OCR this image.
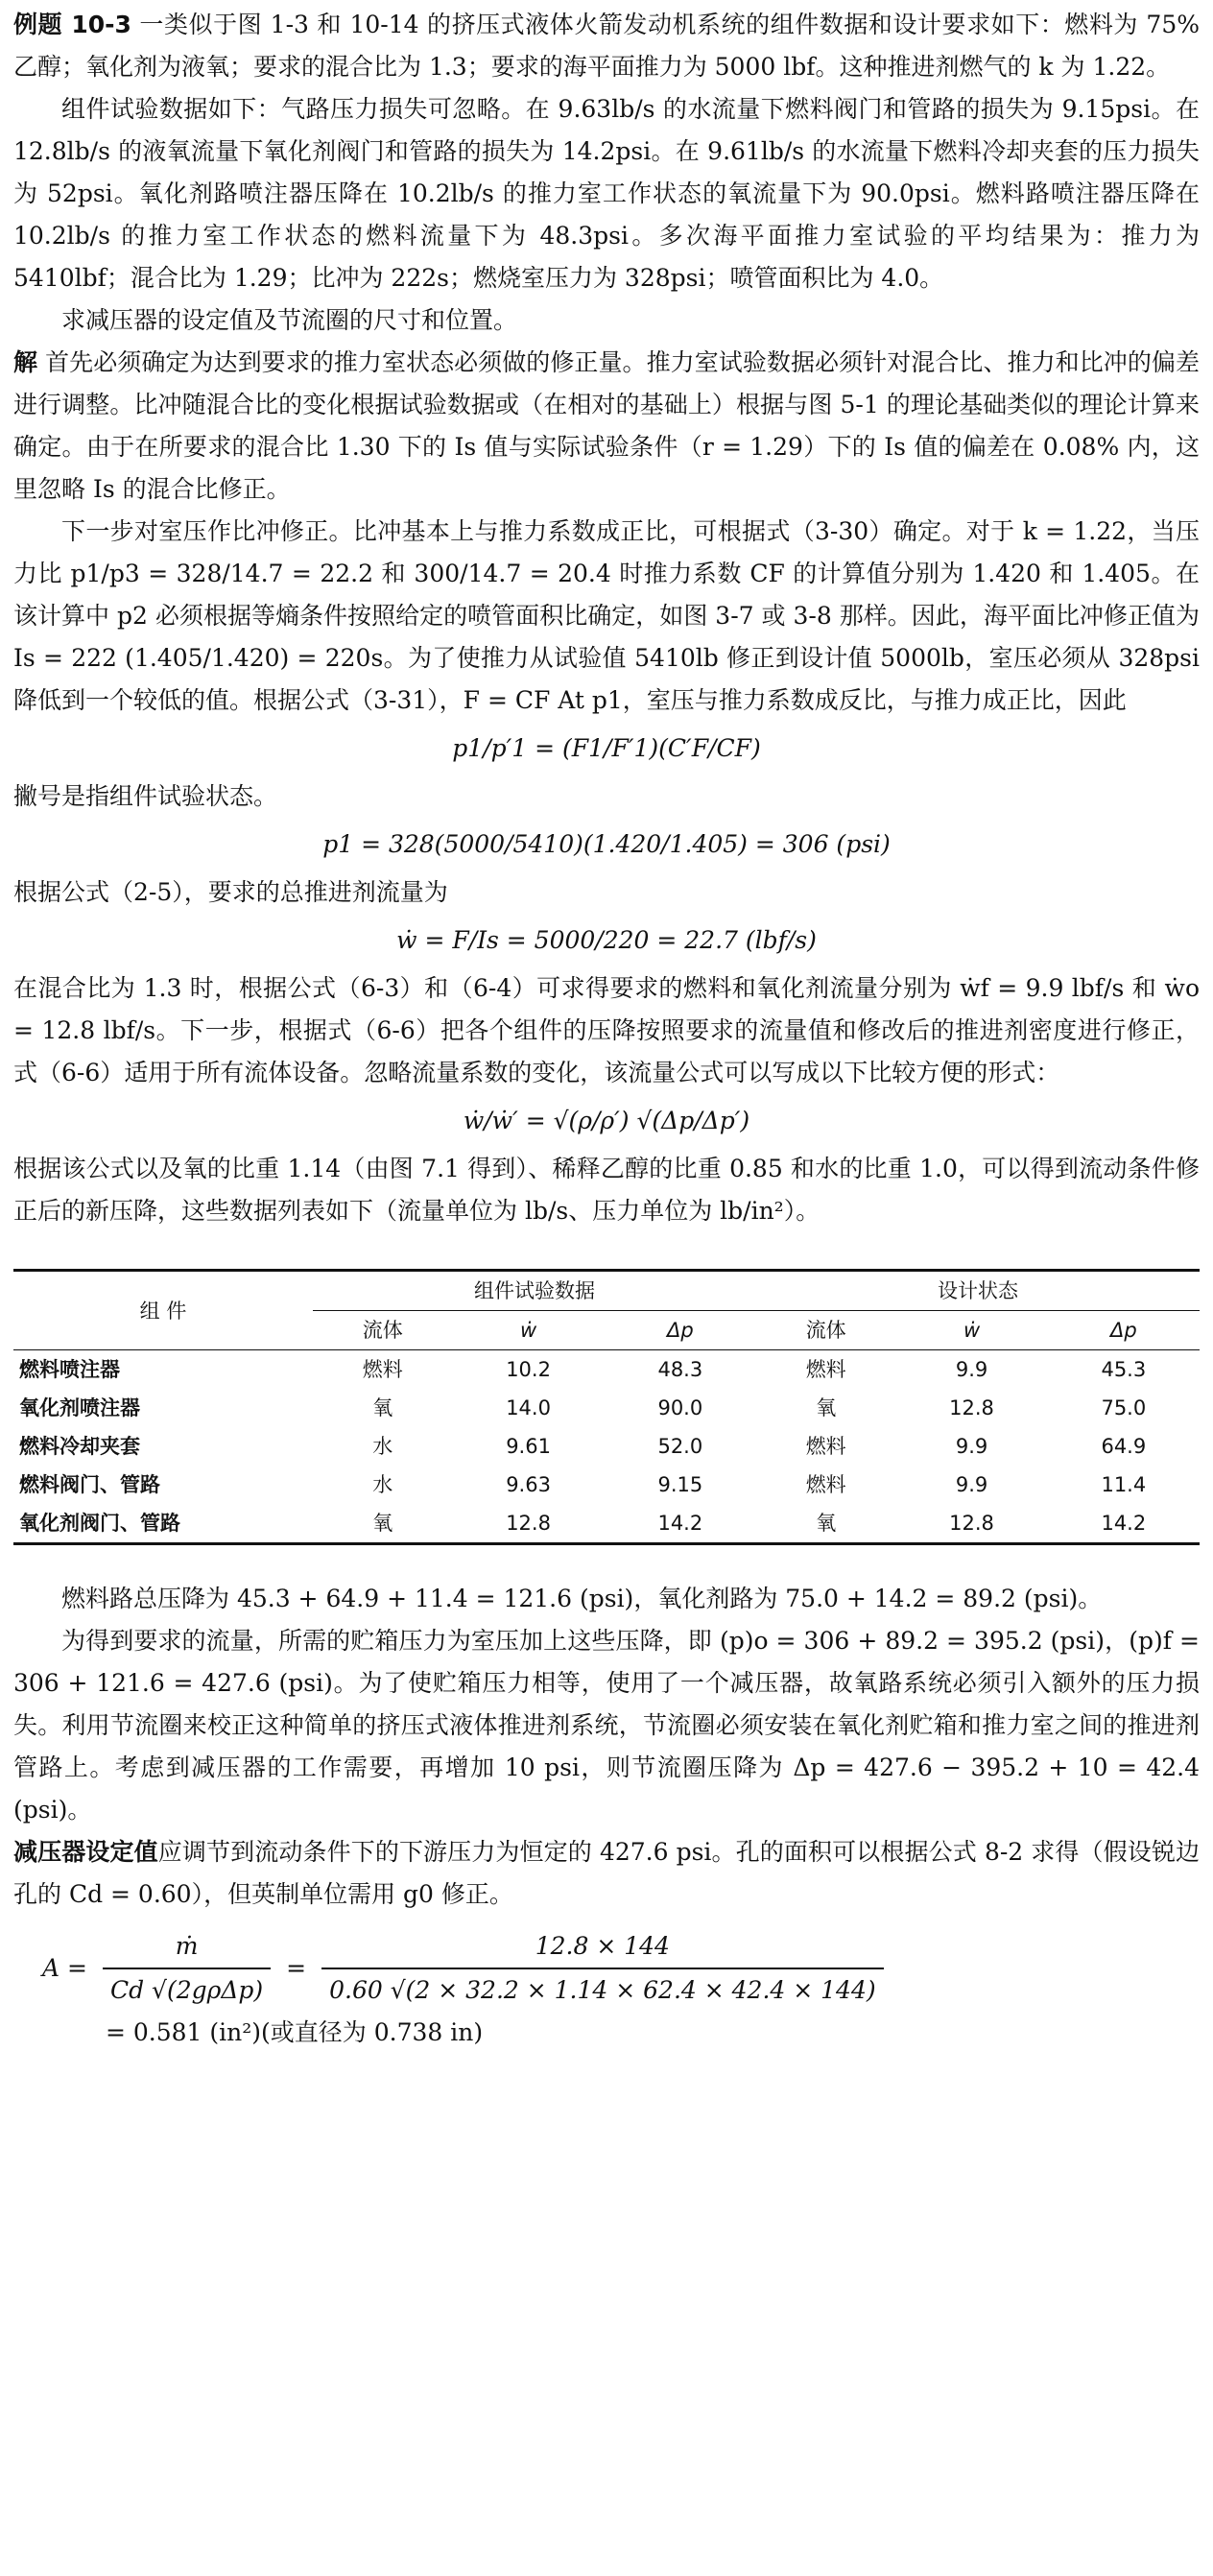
例题 10-3 一类似于图 1-3 和 10-14 的挤压式液体火箭发动机系统的组件数据和设计要求如下：燃料为 75% 乙醇；氧化剂为液氧；要求的混合比为 1.3；要求的海平面推力为 5000 lbf。这种推进剂燃气的 k 为 1.22。

组件试验数据如下：气路压力损失可忽略。在 9.63lb/s 的水流量下燃料阀门和管路的损失为 9.15psi。在 12.8lb/s 的液氧流量下氧化剂阀门和管路的损失为 14.2psi。在 9.61lb/s 的水流量下燃料冷却夹套的压力损失为 52psi。氧化剂路喷注器压降在 10.2lb/s 的推力室工作状态的氧流量下为 90.0psi。燃料路喷注器压降在 10.2lb/s 的推力室工作状态的燃料流量下为 48.3psi。多次海平面推力室试验的平均结果为：推力为 5410lbf；混合比为 1.29；比冲为 222s；燃烧室压力为 328psi；喷管面积比为 4.0。

求减压器的设定值及节流圈的尺寸和位置。

解 首先必须确定为达到要求的推力室状态必须做的修正量。推力室试验数据必须针对混合比、推力和比冲的偏差进行调整。比冲随混合比的变化根据试验数据或（在相对的基础上）根据与图 5-1 的理论基础类似的理论计算来确定。由于在所要求的混合比 1.30 下的 Is 值与实际试验条件（r = 1.29）下的 Is 值的偏差在 0.08% 内，这里忽略 Is 的混合比修正。

下一步对室压作比冲修正。比冲基本上与推力系数成正比，可根据式（3-30）确定。对于 k = 1.22，当压力比 p1/p3 = 328/14.7 = 22.2 和 300/14.7 = 20.4 时推力系数 CF 的计算值分别为 1.420 和 1.405。在该计算中 p2 必须根据等熵条件按照给定的喷管面积比确定，如图 3-7 或 3-8 那样。因此，海平面比冲修正值为 Is = 222 (1.405/1.420) = 220s。为了使推力从试验值 5410lb 修正到设计值 5000lb，室压必须从 328psi 降低到一个较低的值。根据公式（3-31），F = CF At p1，室压与推力系数成反比，与推力成正比，因此

p1/p′1 = (F1/F′1)(C′F/CF)

撇号是指组件试验状态。

p1 = 328(5000/5410)(1.420/1.405) = 306 (psi)

根据公式（2-5），要求的总推进剂流量为

ẇ = F/Is = 5000/220 = 22.7 (lbf/s)

在混合比为 1.3 时，根据公式（6-3）和（6-4）可求得要求的燃料和氧化剂流量分别为 ẇf = 9.9 lbf/s 和 ẇo = 12.8 lbf/s。下一步，根据式（6-6）把各个组件的压降按照要求的流量值和修改后的推进剂密度进行修正，式（6-6）适用于所有流体设备。忽略流量系数的变化，该流量公式可以写成以下比较方便的形式：

ẇ/ẇ′ = √(ρ/ρ′) √(Δp/Δp′)

根据该公式以及氧的比重 1.14（由图 7.1 得到）、稀释乙醇的比重 0.85 和水的比重 1.0，可以得到流动条件修正后的新压降，这些数据列表如下（流量单位为 lb/s、压力单位为 lb/in²）。

组 件	组件试验数据			设计状态		
	流体	ẇ	Δp	流体	ẇ	Δp
燃料喷注器	燃料	10.2	48.3	燃料	9.9	45.3
氧化剂喷注器	氧	14.0	90.0	氧	12.8	75.0
燃料冷却夹套	水	9.61	52.0	燃料	9.9	64.9
燃料阀门、管路	水	9.63	9.15	燃料	9.9	11.4
氧化剂阀门、管路	氧	12.8	14.2	氧	12.8	14.2

燃料路总压降为 45.3 + 64.9 + 11.4 = 121.6 (psi)，氧化剂路为 75.0 + 14.2 = 89.2 (psi)。

为得到要求的流量，所需的贮箱压力为室压加上这些压降，即 (p)o = 306 + 89.2 = 395.2 (psi)，(p)f = 306 + 121.6 = 427.6 (psi)。为了使贮箱压力相等，使用了一个减压器，故氧路系统必须引入额外的压力损失。利用节流圈来校正这种简单的挤压式液体推进剂系统，节流圈必须安装在氧化剂贮箱和推力室之间的推进剂管路上。考虑到减压器的工作需要，再增加 10 psi，则节流圈压降为 Δp = 427.6 − 395.2 + 10 = 42.4 (psi)。

减压器设定值应调节到流动条件下的下游压力为恒定的 427.6 psi。孔的面积可以根据公式 8-2 求得（假设锐边孔的 Cd = 0.60），但英制单位需用 g0 修正。

$A = \frac{\text{ṁ}}{\text{Cd √(2gρΔp)}} = \frac{12.8 \times 144}{0.60 √(2 \times 32.2 \times 1.14 \times 62.4 \times 42.4 \times 144)}$

= 0.581 (in²)(或直径为 0.738 in)
